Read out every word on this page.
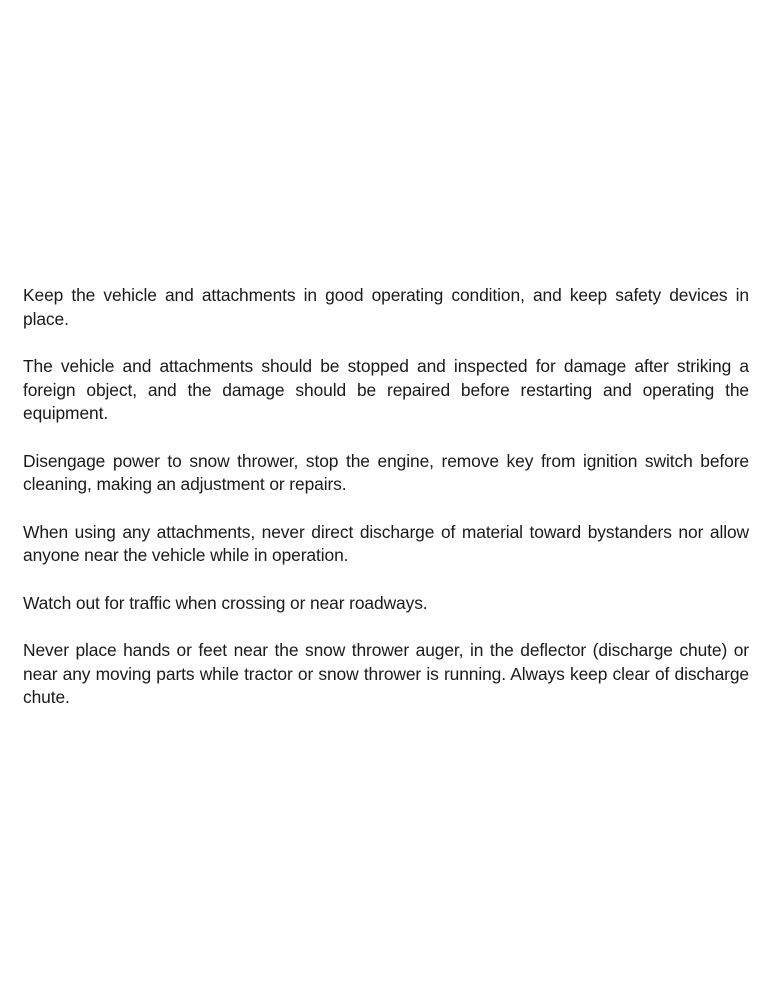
Keep the vehicle and attachments in good operating condition, and keep safety devices in place.

The vehicle and attachments should be stopped and inspected for damage after striking a foreign object, and the damage should be repaired before restarting and operating the equipment.

Disengage power to snow thrower, stop the engine, remove key from ignition switch before cleaning, making an adjustment or repairs.

When using any attachments, never direct discharge of material toward bystanders nor allow anyone near the vehicle while in operation.

Watch out for traffic when crossing or near roadways.

Never place hands or feet near the snow thrower auger, in the deflector (discharge chute) or near any moving parts while tractor or snow thrower is running. Always keep clear of discharge chute.
